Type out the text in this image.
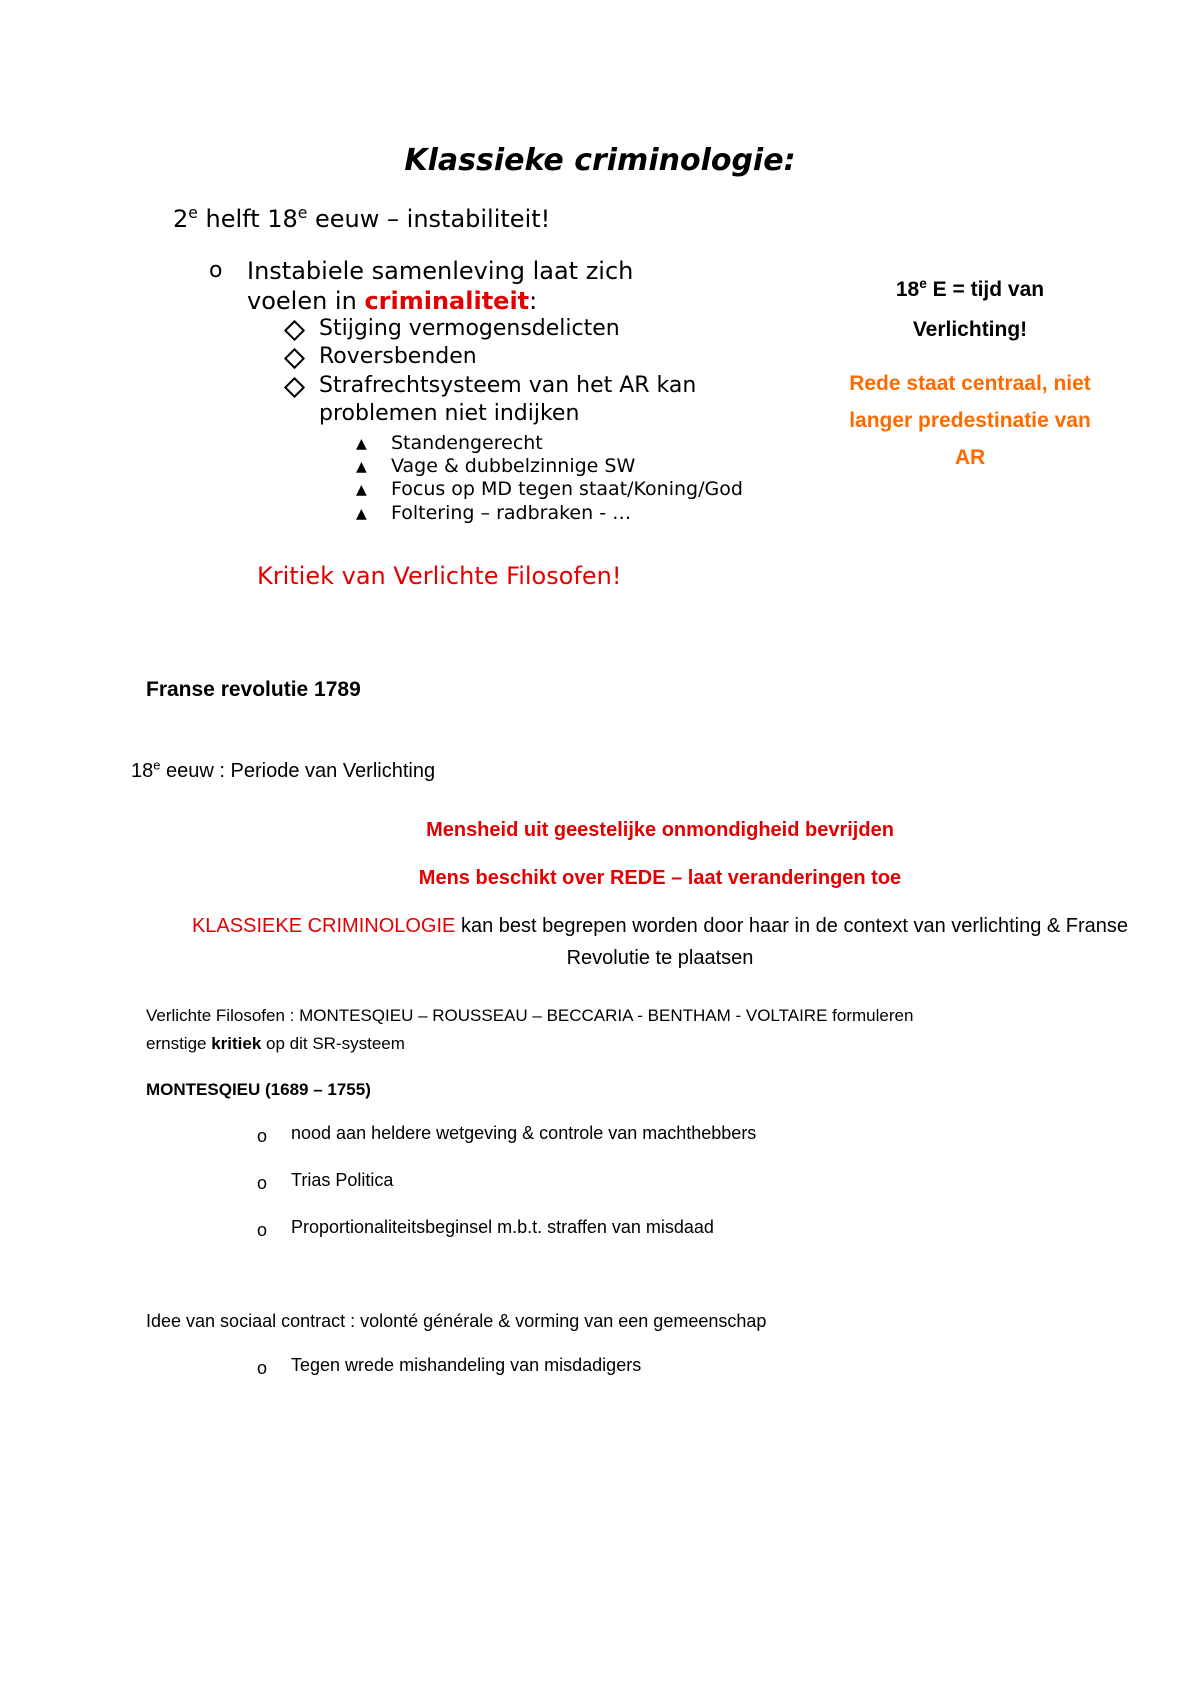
Klassieke criminologie:
2e helft 18e eeuw – instabiliteit!
o Instabiele samenleving laat zich
voelen in criminaliteit:
Stijging vermogensdelicten
Roversbenden
Strafrechtsysteem van het AR kan
problemen niet indijken
▲ Standengerecht
▲ Vage & dubbelzinnige SW
▲ Focus op MD tegen staat/Koning/God
▲ Foltering – radbraken - …
Kritiek van Verlichte Filosofen!
18e E = tijd van
Verlichting!
Rede staat centraal, niet
langer predestinatie van
AR
Franse revolutie 1789
18e eeuw : Periode van Verlichting
Mensheid uit geestelijke onmondigheid bevrijden
Mens beschikt over REDE – laat veranderingen toe
KLASSIEKE CRIMINOLOGIE kan best begrepen worden door haar in de context van verlichting & Franse
Revolutie te plaatsen
Verlichte Filosofen : MONTESQIEU – ROUSSEAU – BECCARIA - BENTHAM - VOLTAIRE formuleren
ernstige kritiek op dit SR-systeem
MONTESQIEU (1689 – 1755)
o nood aan heldere wetgeving & controle van machthebbers
o Trias Politica
o Proportionaliteitsbeginsel m.b.t. straffen van misdaad
Idee van sociaal contract : volonté générale & vorming van een gemeenschap
o Tegen wrede mishandeling van misdadigers
